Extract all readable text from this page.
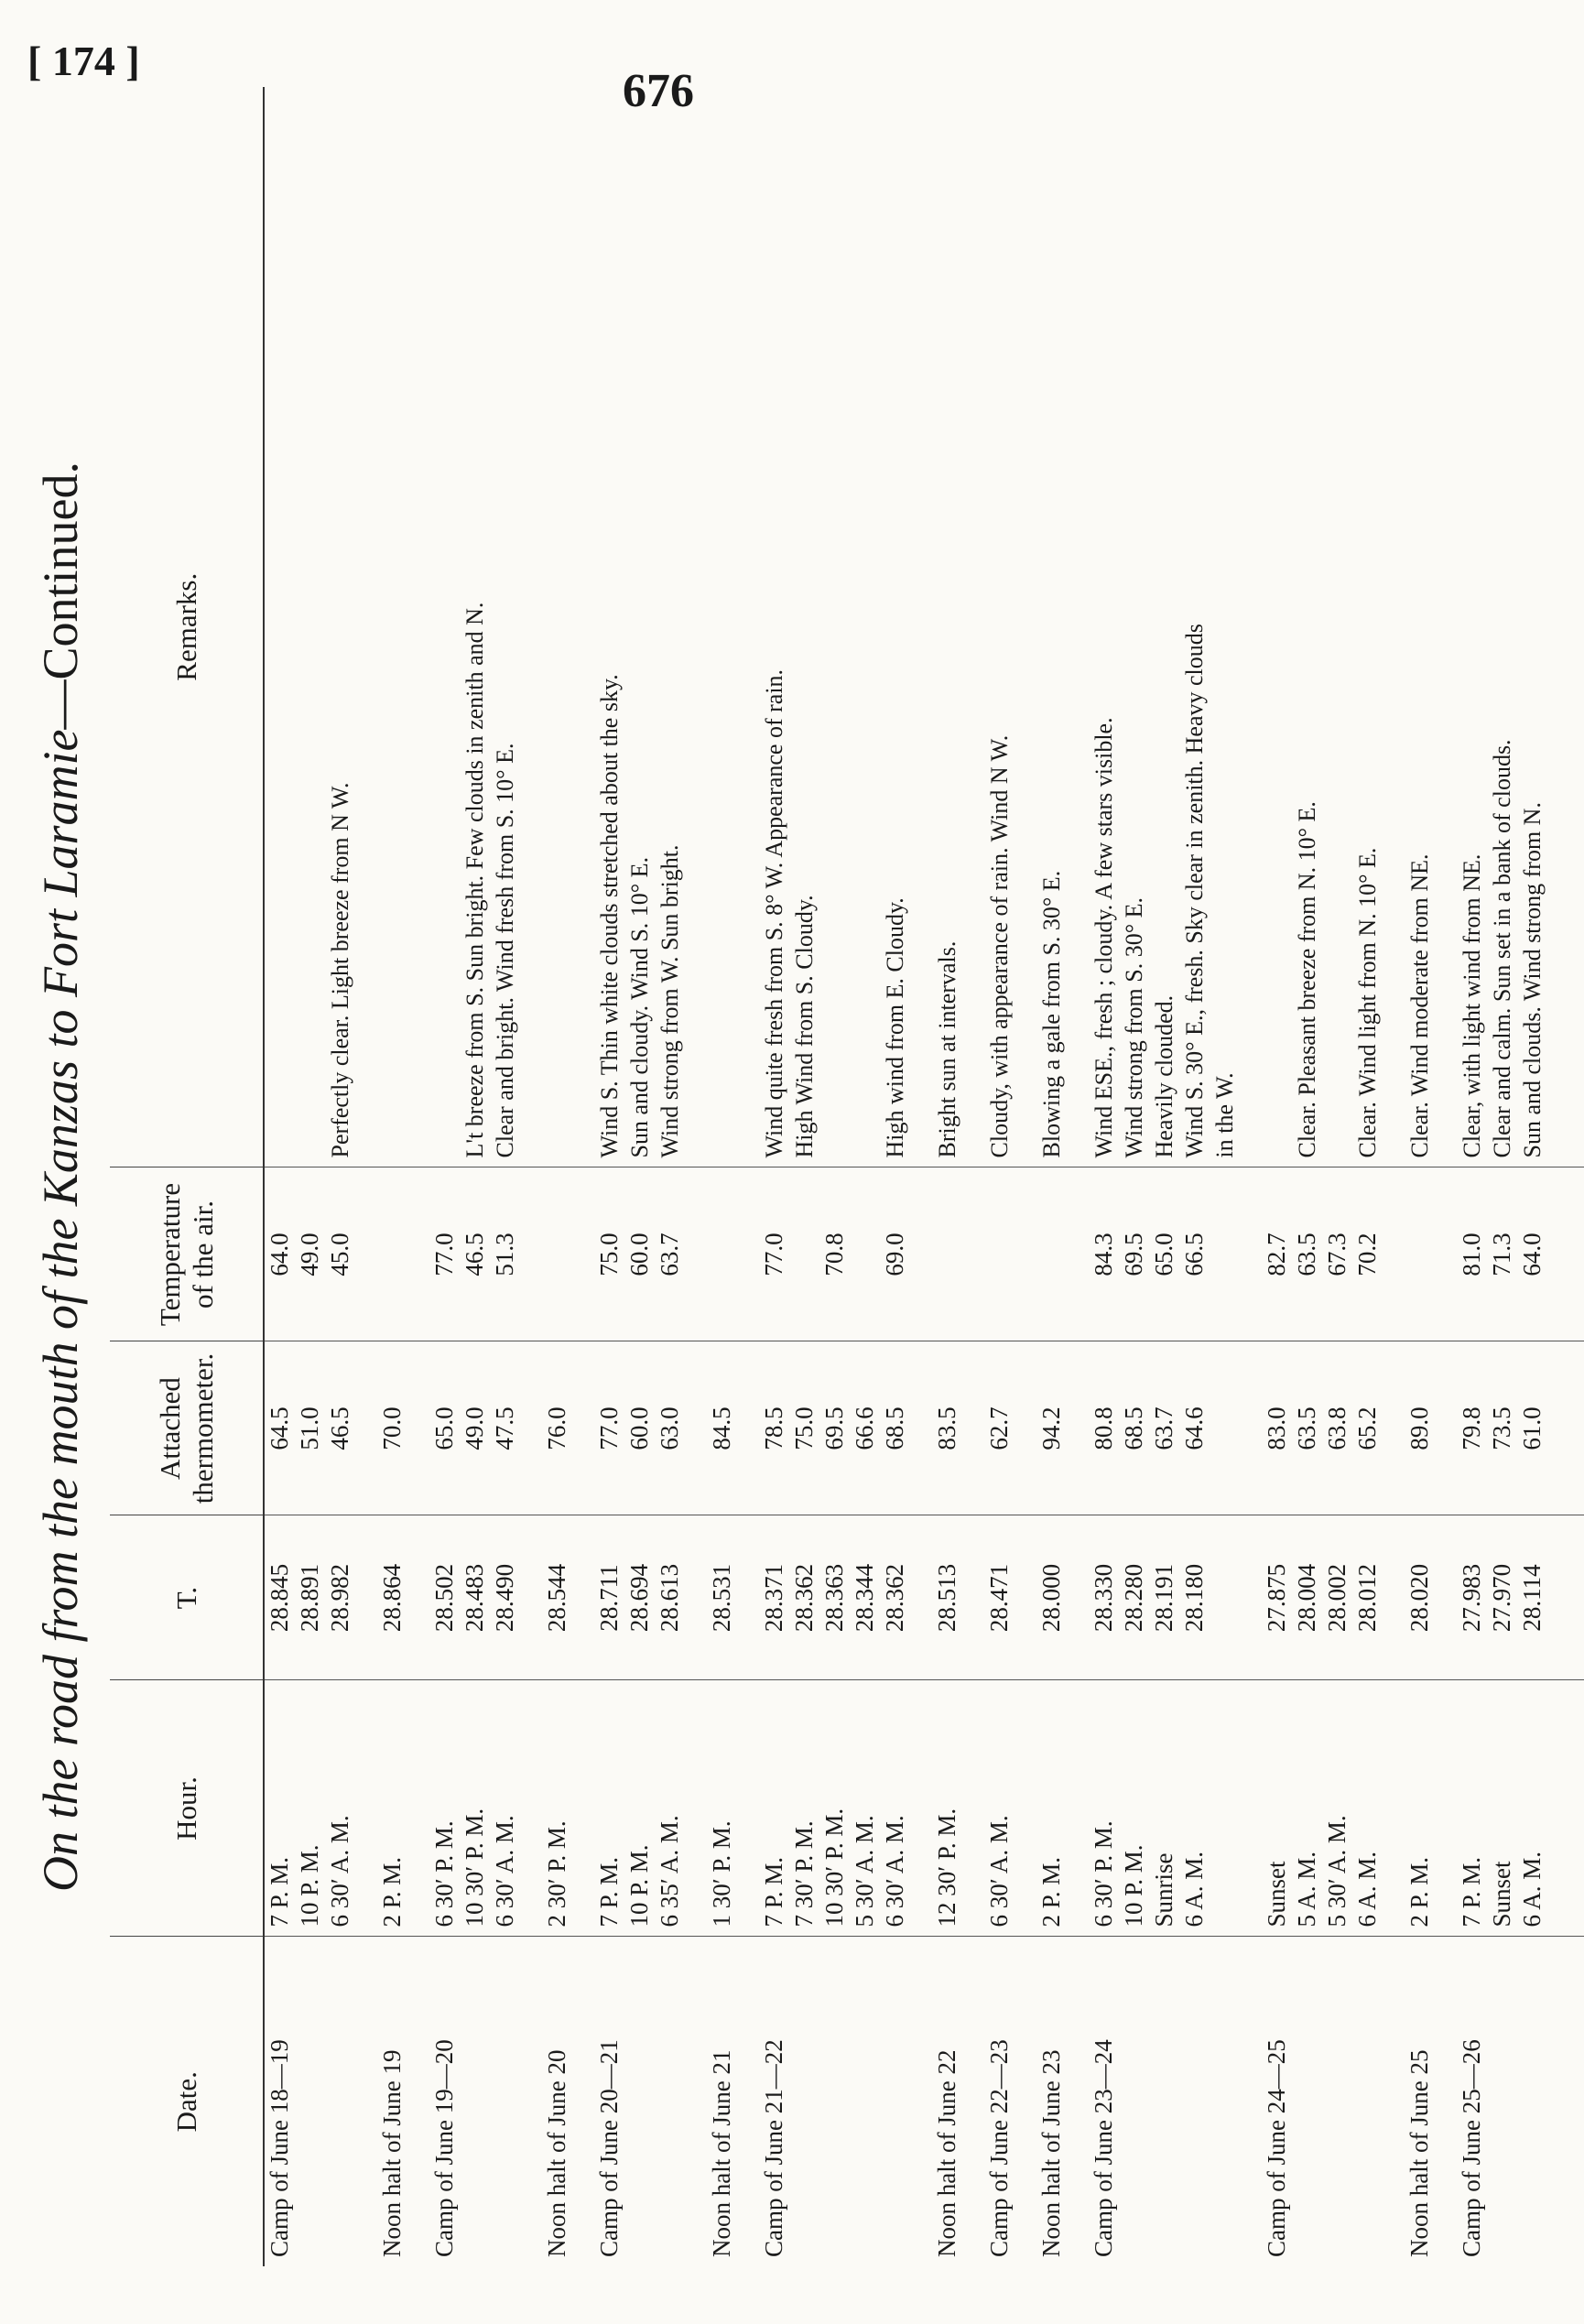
[ 174 ]
676
On the road from the mouth of the Kanzas to Fort Laramie—Continued.
Date.	Hour.	T.	Attached thermometer.	Temperature of the air.	Remarks.
Camp of June 18—19	7 P. M.	28.845	64.5	64.0	
	10 P. M.	28.891	51.0	49.0	
	6 30′ A. M.	28.982	46.5	45.0	Perfectly clear. Light breeze from N W.

Noon halt of June 19	2 P. M.	28.864	70.0		

Camp of June 19—20	6 30′ P. M.	28.502	65.0	77.0	
	10 30′ P. M.	28.483	49.0	46.5	L't breeze from S. Sun bright. Few clouds in zenith and N.
	6 30′ A. M.	28.490	47.5	51.3	Clear and bright. Wind fresh from S. 10° E.

Noon halt of June 20	2 30′ P. M.	28.544	76.0		

Camp of June 20—21	7 P. M.	28.711	77.0	75.0	Wind S. Thin white clouds stretched about the sky.
	10 P. M.	28.694	60.0	60.0	Sun and cloudy. Wind S. 10° E.
	6 35′ A. M.	28.613	63.0	63.7	Wind strong from W. Sun bright.

Noon halt of June 21	1 30′ P. M.	28.531	84.5		

Camp of June 21—22	7 P. M.	28.371	78.5	77.0	Wind quite fresh from S. 8° W. Appearance of rain.
	7 30′ P. M.	28.362	75.0		High Wind from S. Cloudy.
	10 30′ P. M.	28.363	69.5	70.8	
	5 30′ A. M.	28.344	66.6		
	6 30′ A. M.	28.362	68.5	69.0	High wind from E. Cloudy.

Noon halt of June 22	12 30′ P. M.	28.513	83.5		Bright sun at intervals.

Camp of June 22—23	6 30′ A. M.	28.471	62.7		Cloudy, with appearance of rain. Wind N W.

Noon halt of June 23	2 P. M.	28.000	94.2		Blowing a gale from S. 30° E.

Camp of June 23—24	6 30′ P. M.	28.330	80.8	84.3	Wind ESE., fresh ; cloudy. A few stars visible.
	10 P. M.	28.280	68.5	69.5	Wind strong from S. 30° E.
	Sunrise	28.191	63.7	65.0	Heavily clouded.
	6 A. M.	28.180	64.6	66.5	Wind S. 30° E., fresh. Sky clear in zenith. Heavy clouds
					in the W.

Camp of June 24—25	Sunset	27.875	83.0	82.7	
	5 A. M.	28.004	63.5	63.5	Clear. Pleasant breeze from N. 10° E.
	5 30′ A. M.	28.002	63.8	67.3	
	6 A. M.	28.012	65.2	70.2	Clear. Wind light from N. 10° E.

Noon halt of June 25	2 P. M.	28.020	89.0		Clear. Wind moderate from NE.

Camp of June 25—26	7 P. M.	27.983	79.8	81.0	Clear, with light wind from NE.
	Sunset	27.970	73.5	71.3	Clear and calm. Sun set in a bank of clouds.
	6 A. M.	28.114	61.0	64.0	Sun and clouds. Wind strong from N.
